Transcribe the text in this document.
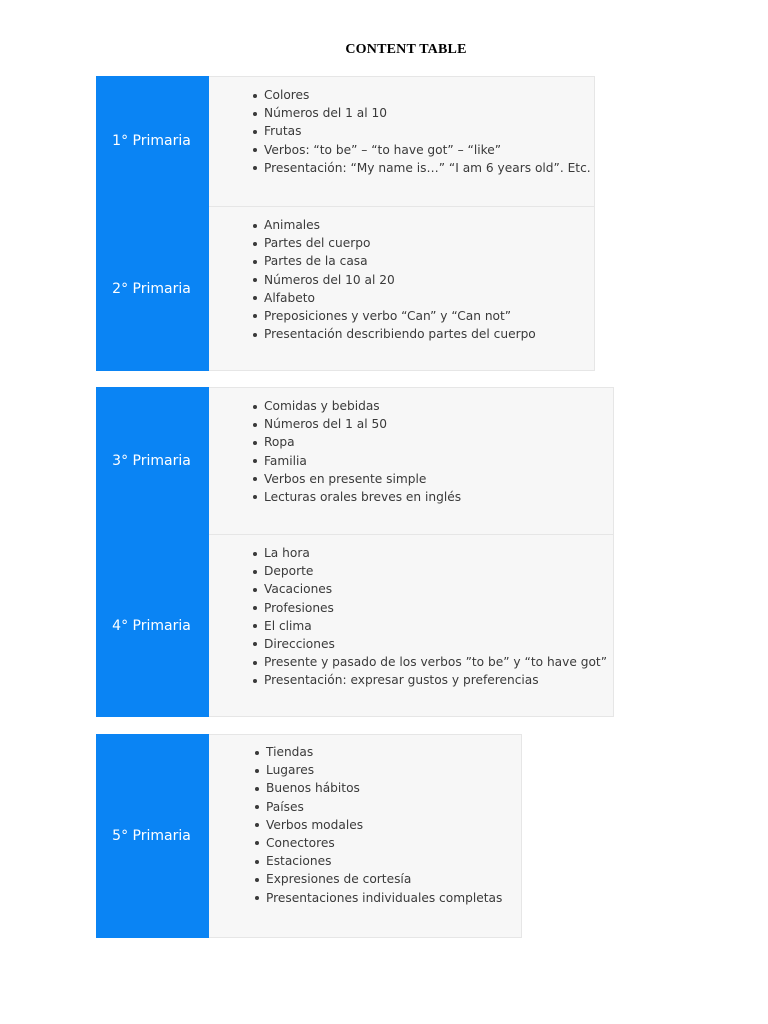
CONTENT TABLE
1° Primaria
Colores
Números del 1 al 10
Frutas
Verbos: “to be” – “to have got” – “like”
Presentación: “My name is…” “I am 6 years old”. Etc.
2° Primaria
Animales
Partes del cuerpo
Partes de la casa
Números del 10 al 20
Alfabeto
Preposiciones y verbo “Can” y “Can not”
Presentación describiendo partes del cuerpo
3° Primaria
Comidas y bebidas
Números del 1 al 50
Ropa
Familia
Verbos en presente simple
Lecturas orales breves en inglés
4° Primaria
La hora
Deporte
Vacaciones
Profesiones
El clima
Direcciones
Presente y pasado de los verbos ”to be” y “to have got”
Presentación: expresar gustos y preferencias
5° Primaria
Tiendas
Lugares
Buenos hábitos
Países
Verbos modales
Conectores
Estaciones
Expresiones de cortesía
Presentaciones individuales completas
